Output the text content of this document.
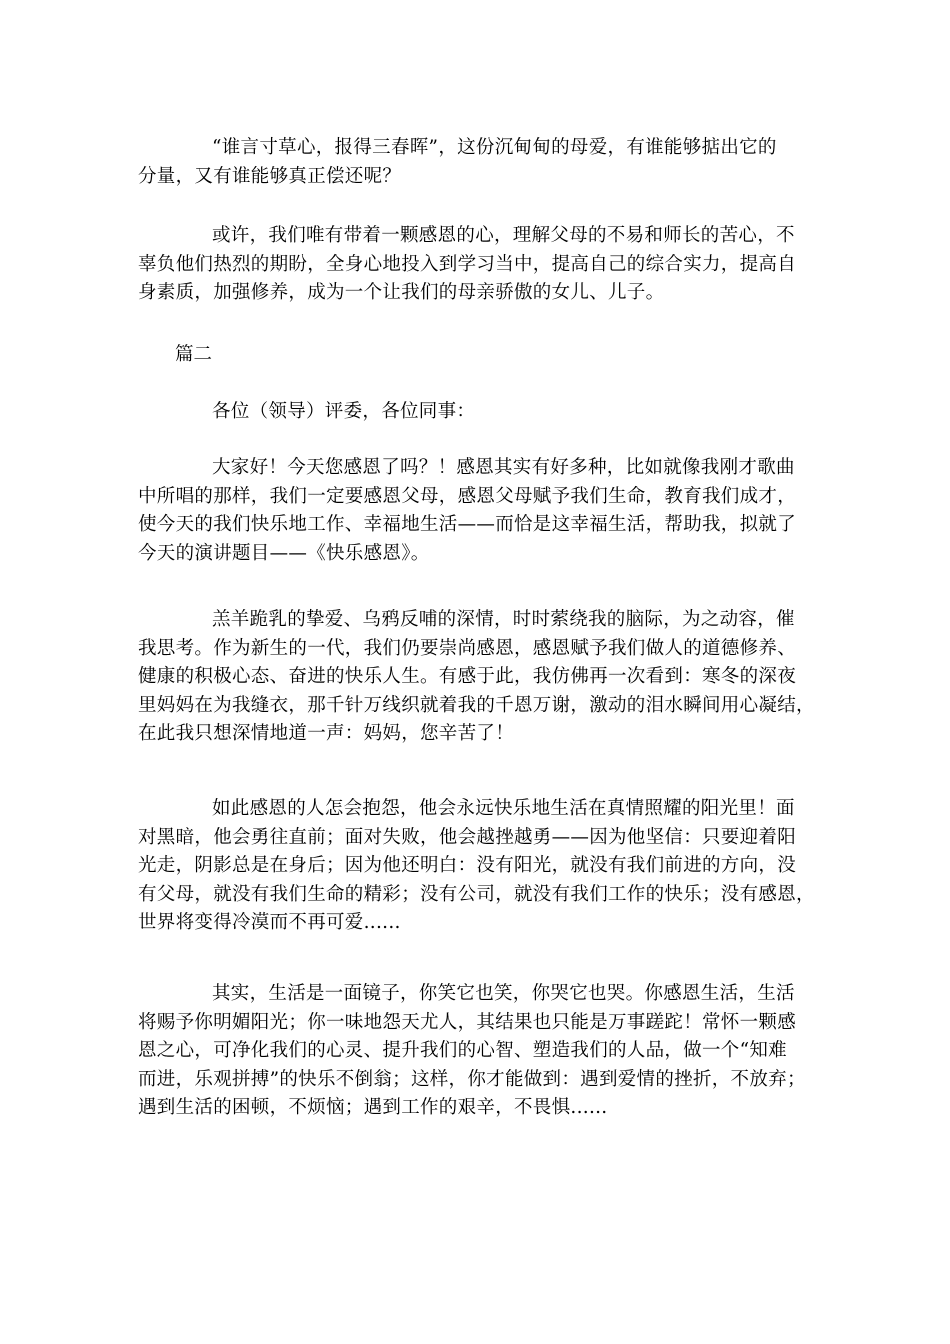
“谁言寸草心，报得三春晖”，这份沉甸甸的母爱，有谁能够掂出它的
分量，又有谁能够真正偿还呢？
或许，我们唯有带着一颗感恩的心，理解父母的不易和师长的苦心，不
辜负他们热烈的期盼，全身心地投入到学习当中，提高自己的综合实力，提高自
身素质，加强修养，成为一个让我们的母亲骄傲的女儿、儿子。
篇二
各位（领导）评委，各位同事：
大家好！今天您感恩了吗？！感恩其实有好多种，比如就像我刚才歌曲
中所唱的那样，我们一定要感恩父母，感恩父母赋予我们生命，教育我们成才，
使今天的我们快乐地工作、幸福地生活——而恰是这幸福生活，帮助我，拟就了
今天的演讲题目——《快乐感恩》。
羔羊跪乳的挚爱、乌鸦反哺的深情，时时萦绕我的脑际，为之动容，催
我思考。作为新生的一代，我们仍要崇尚感恩，感恩赋予我们做人的道德修养、
健康的积极心态、奋进的快乐人生。有感于此，我仿佛再一次看到：寒冬的深夜
里妈妈在为我缝衣，那千针万线织就着我的千恩万谢，激动的泪水瞬间用心凝结，
在此我只想深情地道一声：妈妈，您辛苦了！
如此感恩的人怎会抱怨，他会永远快乐地生活在真情照耀的阳光里！面
对黑暗，他会勇往直前；面对失败，他会越挫越勇——因为他坚信：只要迎着阳
光走，阴影总是在身后；因为他还明白：没有阳光，就没有我们前进的方向，没
有父母，就没有我们生命的精彩；没有公司，就没有我们工作的快乐；没有感恩，
世界将变得冷漠而不再可爱......
其实，生活是一面镜子，你笑它也笑，你哭它也哭。你感恩生活，生活
将赐予你明媚阳光；你一味地怨天尤人，其结果也只能是万事蹉跎！常怀一颗感
恩之心，可净化我们的心灵、提升我们的心智、塑造我们的人品，做一个“知难
而进，乐观拼搏”的快乐不倒翁；这样，你才能做到：遇到爱情的挫折，不放弃；
遇到生活的困顿，不烦恼；遇到工作的艰辛，不畏惧......
